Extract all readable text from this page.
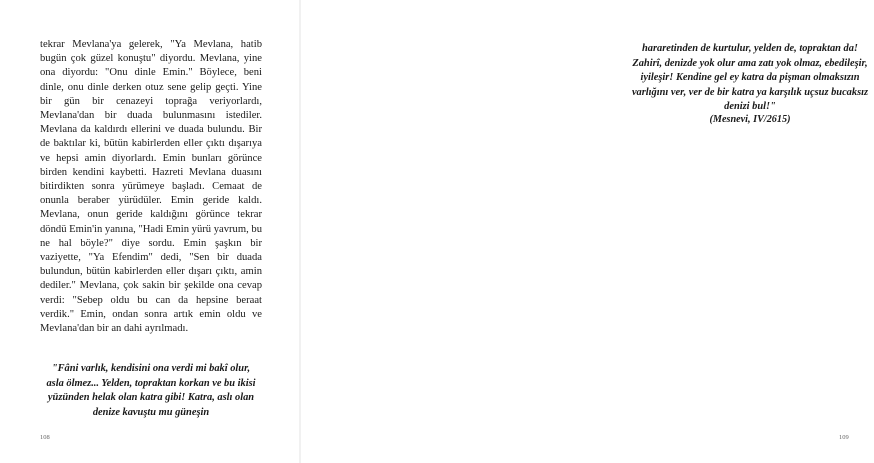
tekrar Mevlana'ya gelerek, "Ya Mevlana, hatib bugün çok güzel konuştu" diyordu. Mevlana, yine ona diyordu: "Onu dinle Emin." Böylece, beni dinle, onu dinle derken otuz sene gelip geçti. Yine bir gün bir cenazeyi toprağa veriyorlardı, Mevlana'dan bir duada bulunmasını istediler. Mevlana da kaldırdı ellerini ve duada bulundu. Bir de baktılar ki, bütün kabirlerden eller çıktı dışarıya ve hepsi amin diyorlardı. Emin bunları görünce birden kendini kaybetti. Hazreti Mevlana duasını bitirdikten sonra yürümeye başladı. Cemaat de onunla beraber yürüdüler. Emin geride kaldı. Mevlana, onun geride kaldığını görünce tekrar döndü Emin'in yanına, "Hadi Emin yürü yavrum, bu ne hal böyle?" diye sordu. Emin şaşkın bir vaziyette, "Ya Efendim" dedi, "Sen bir duada bulundun, bütün kabirlerden eller dışarı çıktı, amin dediler." Mevlana, çok sakin bir şekilde ona cevap verdi: "Sebep oldu bu can da hepsine beraat verdik." Emin, ondan sonra artık emin oldu ve Mevlana'dan bir an dahi ayrılmadı.

"Fâni varlık, kendisini ona verdi mi bakî olur, asla ölmez... Yelden, topraktan korkan ve bu ikisi yüzünden helak olan katra gibi! Katra, aslı olan denize kavuştu mu güneşin

108

hararetinden de kurtulur, yelden de, topraktan da! Zahirî, denizde yok olur ama zatı yok olmaz, ebedileşir, iyileşir! Kendine gel ey katra da pişman olmaksızın varlığını ver, ver de bir katra ya karşılık uçsuz bucaksız denizi bul!"

(Mesnevi, IV/2615)

109
